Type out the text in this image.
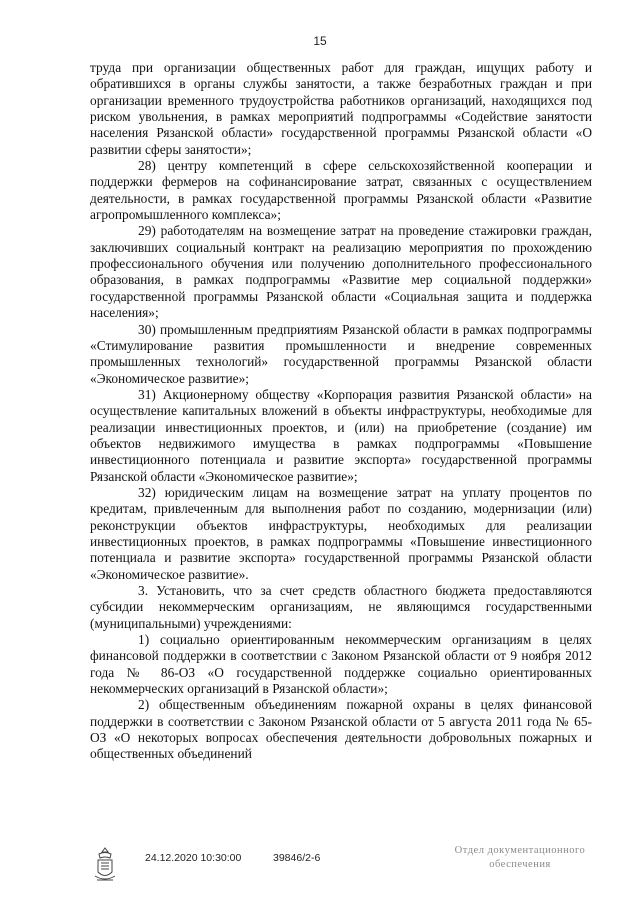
15

труда при организации общественных работ для граждан, ищущих работу и обратившихся в органы службы занятости, а также безработных граждан и при организации временного трудоустройства работников организаций, находящихся под риском увольнения, в рамках мероприятий подпрограммы «Содействие занятости населения Рязанской области» государственной программы Рязанской области «О развитии сферы занятости»;

28) центру компетенций в сфере сельскохозяйственной кооперации и поддержки фермеров на софинансирование затрат, связанных с осуществлением деятельности, в рамках государственной программы Рязанской области «Развитие агропромышленного комплекса»;

29) работодателям на возмещение затрат на проведение стажировки граждан, заключивших социальный контракт на реализацию мероприятия по прохождению профессионального обучения или получению дополнительного профессионального образования, в рамках подпрограммы «Развитие мер социальной поддержки» государственной программы Рязанской области «Социальная защита и поддержка населения»;

30) промышленным предприятиям Рязанской области в рамках подпрограммы «Стимулирование развития промышленности и внедрение современных промышленных технологий» государственной программы Рязанской области «Экономическое развитие»;

31) Акционерному обществу «Корпорация развития Рязанской области» на осуществление капитальных вложений в объекты инфраструктуры, необходимые для реализации инвестиционных проектов, и (или) на приобретение (создание) им объектов недвижимого имущества в рамках подпрограммы «Повышение инвестиционного потенциала и развитие экспорта» государственной программы Рязанской области «Экономическое развитие»;

32) юридическим лицам на возмещение затрат на уплату процентов по кредитам, привлеченным для выполнения работ по созданию, модернизации (или) реконструкции объектов инфраструктуры, необходимых для реализации инвестиционных проектов, в рамках подпрограммы «Повышение инвестиционного потенциала и развитие экспорта» государственной программы Рязанской области «Экономическое развитие».

3. Установить, что за счет средств областного бюджета предоставляются субсидии некоммерческим организациям, не являющимся государственными (муниципальными) учреждениями:

1) социально ориентированным некоммерческим организациям в целях финансовой поддержки в соответствии с Законом Рязанской области от 9 ноября 2012 года № 86-ОЗ «О государственной поддержке социально ориентированных некоммерческих организаций в Рязанской области»;

2) общественным объединениям пожарной охраны в целях финансовой поддержки в соответствии с Законом Рязанской области от 5 августа 2011 года № 65-ОЗ «О некоторых вопросах обеспечения деятельности добровольных пожарных и общественных объединений

24.12.2020 10:30:00	39846/2-6
Отдел документационного
обеспечения
